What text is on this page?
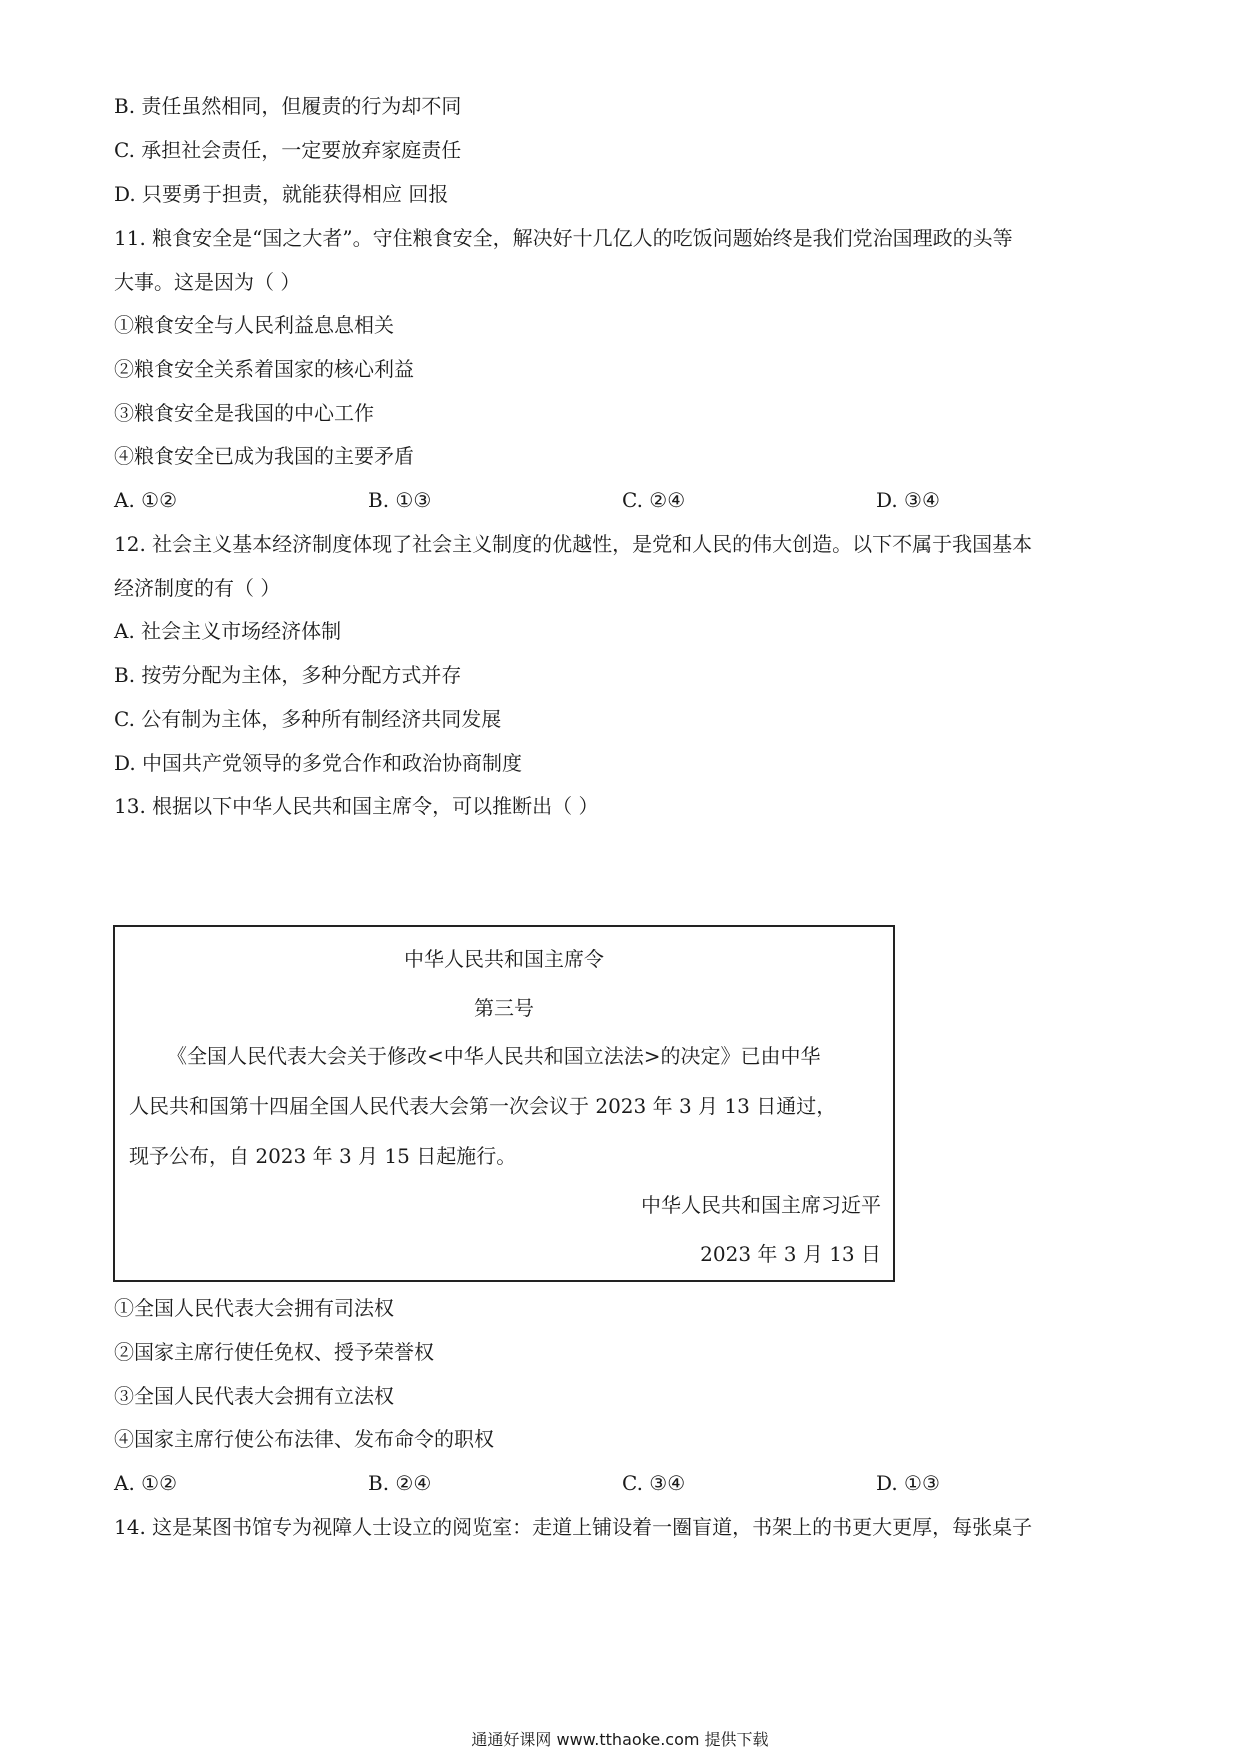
B. 责任虽然相同，但履责的行为却不同
C. 承担社会责任，一定要放弃家庭责任
D. 只要勇于担责，就能获得相应 回报
11. 粮食安全是“国之大者”。守住粮食安全，解决好十几亿人的吃饭问题始终是我们党治国理政的头等
大事。这是因为（ ）
①粮食安全与人民利益息息相关
②粮食安全关系着国家的核心利益
③粮食安全是我国的中心工作
④粮食安全已成为我国的主要矛盾
A. ①②	B. ①③	C. ②④	D. ③④
12. 社会主义基本经济制度体现了社会主义制度的优越性，是党和人民的伟大创造。以下不属于我国基本
经济制度的有（ ）
A. 社会主义市场经济体制
B. 按劳分配为主体，多种分配方式并存
C. 公有制为主体，多种所有制经济共同发展
D. 中国共产党领导的多党合作和政治协商制度
13. 根据以下中华人民共和国主席令，可以推断出（ ）
中华人民共和国主席令
第三号
《全国人民代表大会关于修改<中华人民共和国立法法>的决定》已由中华
人民共和国第十四届全国人民代表大会第一次会议于 2023 年 3 月 13 日通过，
现予公布，自 2023 年 3 月 15 日起施行。
中华人民共和国主席习近平
2023 年 3 月 13 日
①全国人民代表大会拥有司法权
②国家主席行使任免权、授予荣誉权
③全国人民代表大会拥有立法权
④国家主席行使公布法律、发布命令的职权
A. ①②	B. ②④	C. ③④	D. ①③
14. 这是某图书馆专为视障人士设立的阅览室：走道上铺设着一圈盲道，书架上的书更大更厚，每张桌子
通通好课网 www.tthaoke.com 提供下载
